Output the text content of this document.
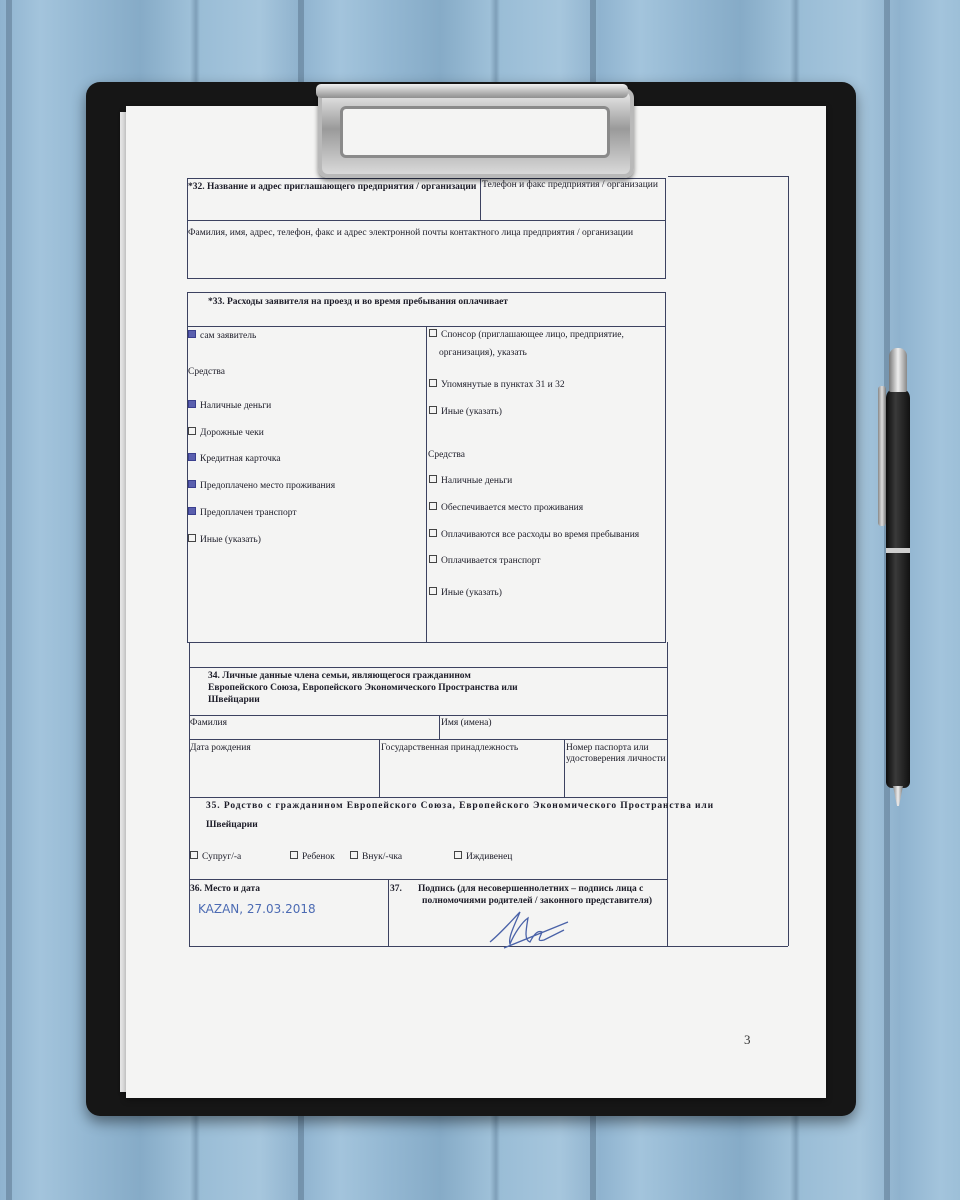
*32. Название и адрес приглашающего предприятия / организации Телефон и факс предприятия / организации
Фамилия, имя, адрес, телефон, факс и адрес электронной почты контактного лица предприятия / организации
*33. Расходы заявителя на проезд и во время пребывания оплачивает
сам заявитель
Средства
Наличные деньги
Дорожные чеки
Кредитная карточка
Предоплачено место проживания
Предоплачен транспорт
Иные (указать)
Спонсор (приглашающее лицо, предприятие,
организация), указать
Упомянутые в пунктах 31 и 32
Иные (указать)
Средства
Наличные деньги
Обеспечивается место проживания
Оплачиваются все расходы во время пребывания
Оплачивается транспорт
Иные (указать)
34. Личные данные члена семьи, являющегося гражданином
Европейского Союза, Европейского Экономического Пространства или
Швейцарии
Фамилия	Имя (имена)
Дата рождения	Государственная принадлежность	Номер паспорта или
удостоверения личности
35. Родство с гражданином Европейского Союза, Европейского Экономического Пространства или
Швейцарии
Супруг/-а	Ребенок	Внук/-чка	Иждивенец
36. Место и дата
KAZAN, 27.03.2018
37. Подпись (для несовершеннолетних – подпись лица с
полномочиями родителей / законного представителя)
3
